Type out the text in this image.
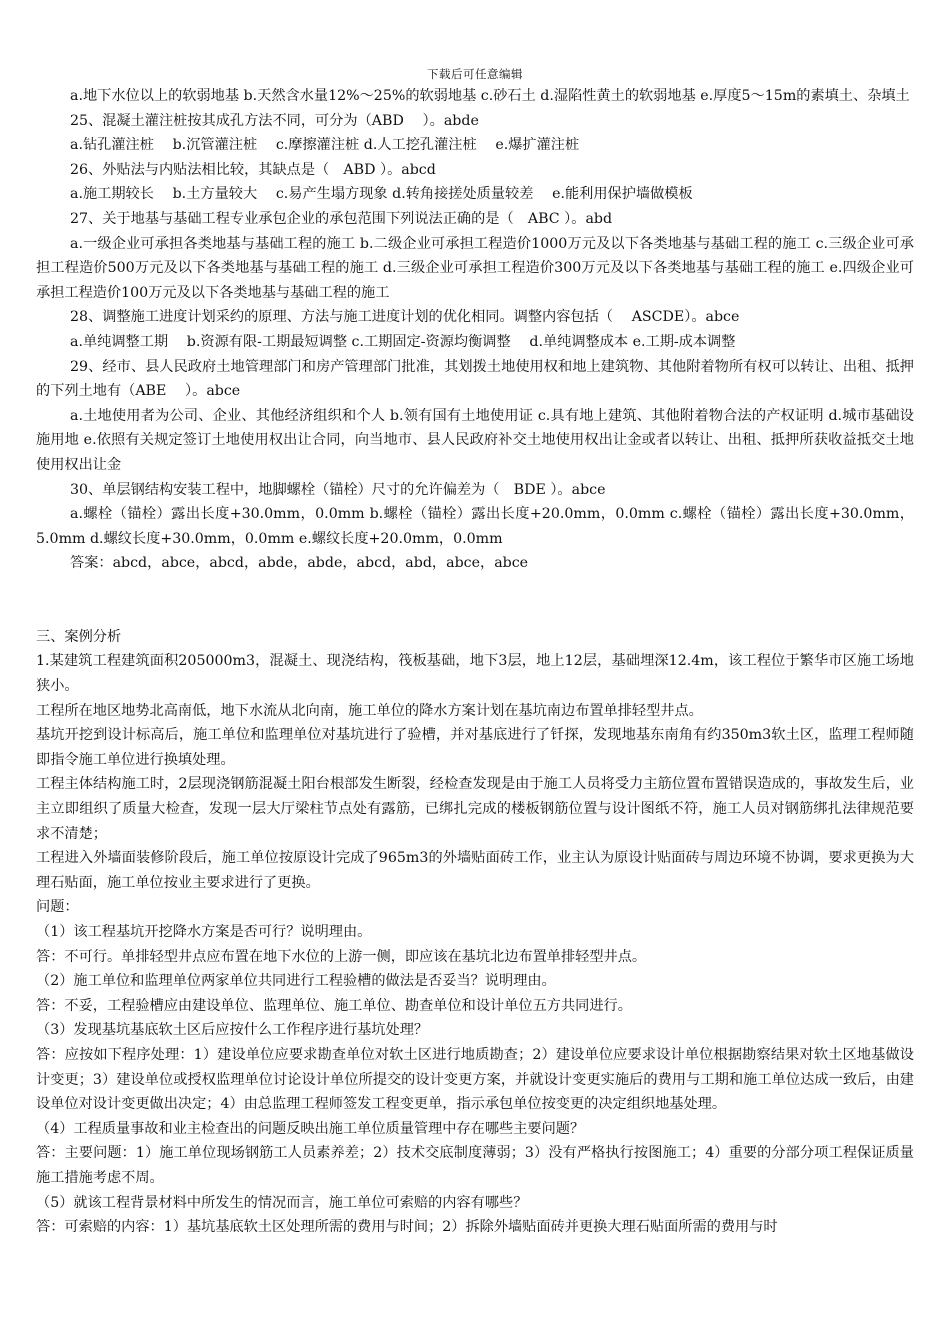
下载后可任意编辑

a.地下水位以上的软弱地基 b.天然含水量12%～25%的软弱地基 c.砂石土 d.湿陷性黄土的软弱地基 e.厚度5～15m的素填土、杂填土

25、混凝土灌注桩按其成孔方法不同，可分为（ABD　 ）。abde

a.钻孔灌注桩　 b.沉管灌注桩　 c.摩擦灌注桩 d.人工挖孔灌注桩　 e.爆扩灌注桩

26、外贴法与内贴法相比较，其缺点是（　ABD ）。abcd

a.施工期较长　 b.土方量较大　 c.易产生塌方现象 d.转角接搓处质量较差　 e.能利用保护墙做模板

27、关于地基与基础工程专业承包企业的承包范围下列说法正确的是（　ABC ）。abd

a.一级企业可承担各类地基与基础工程的施工 b.二级企业可承担工程造价1000万元及以下各类地基与基础工程的施工 c.三级企业可承担工程造价500万元及以下各类地基与基础工程的施工 d.三级企业可承担工程造价300万元及以下各类地基与基础工程的施工 e.四级企业可承担工程造价100万元及以下各类地基与基础工程的施工

28、调整施工进度计划采约的原理、方法与施工进度计划的优化相同。调整内容包括（　 ASCDE）。abce

a.单纯调整工期　 b.资源有限-工期最短调整 c.工期固定-资源均衡调整　 d.单纯调整成本 e.工期-成本调整

29、经市、县人民政府土地管理部门和房产管理部门批准，其划拨土地使用权和地上建筑物、其他附着物所有权可以转让、出租、抵押的下列土地有（ABE　 ）。abce

a.土地使用者为公司、企业、其他经济组织和个人 b.领有国有土地使用证 c.具有地上建筑、其他附着物合法的产权证明 d.城市基础设施用地 e.依照有关规定签订土地使用权出让合同，向当地市、县人民政府补交土地使用权出让金或者以转让、出租、抵押所获收益抵交土地使用权出让金

30、单层钢结构安装工程中，地脚螺栓（锚栓）尺寸的允许偏差为（　BDE ）。abce

a.螺栓（锚栓）露出长度+30.0mm，0.0mm b.螺栓（锚栓）露出长度+20.0mm，0.0mm c.螺栓（锚栓）露出长度+30.0mm，5.0mm d.螺纹长度+30.0mm，0.0mm e.螺纹长度+20.0mm，0.0mm

答案：abcd，abce，abcd，abde，abde，abcd，abd，abce，abce

三、案例分析

1.某建筑工程建筑面积205000m3，混凝土、现浇结构，筏板基础，地下3层，地上12层，基础埋深12.4m，该工程位于繁华市区施工场地狭小。

工程所在地区地势北高南低，地下水流从北向南，施工单位的降水方案计划在基坑南边布置单排轻型井点。

基坑开挖到设计标高后，施工单位和监理单位对基坑进行了验槽，并对基底进行了钎探，发现地基东南角有约350m3软土区，监理工程师随即指令施工单位进行换填处理。

工程主体结构施工时，2层现浇钢筋混凝土阳台根部发生断裂，经检查发现是由于施工人员将受力主筋位置布置错误造成的，事故发生后，业主立即组织了质量大检查，发现一层大厅梁柱节点处有露筋，已绑扎完成的楼板钢筋位置与设计图纸不符，施工人员对钢筋绑扎法律规范要求不清楚；

工程进入外墙面装修阶段后，施工单位按原设计完成了965m3的外墙贴面砖工作，业主认为原设计贴面砖与周边环境不协调，要求更换为大理石贴面，施工单位按业主要求进行了更换。

问题：

（1）该工程基坑开挖降水方案是否可行？说明理由。

答：不可行。单排轻型井点应布置在地下水位的上游一侧，即应该在基坑北边布置单排轻型井点。

（2）施工单位和监理单位两家单位共同进行工程验槽的做法是否妥当？说明理由。

答：不妥，工程验槽应由建设单位、监理单位、施工单位、勘查单位和设计单位五方共同进行。

（3）发现基坑基底软土区后应按什么工作程序进行基坑处理？

答：应按如下程序处理：1）建设单位应要求勘查单位对软土区进行地质勘查；2）建设单位应要求设计单位根据勘察结果对软土区地基做设计变更；3）建设单位或授权监理单位讨论设计单位所提交的设计变更方案，并就设计变更实施后的费用与工期和施工单位达成一致后，由建设单位对设计变更做出决定；4）由总监理工程师签发工程变更单，指示承包单位按变更的决定组织地基处理。

（4）工程质量事故和业主检查出的问题反映出施工单位质量管理中存在哪些主要问题？

答：主要问题：1）施工单位现场钢筋工人员素养差；2）技术交底制度薄弱；3）没有严格执行按图施工；4）重要的分部分项工程保证质量施工措施考虑不周。

（5）就该工程背景材料中所发生的情况而言，施工单位可索赔的内容有哪些？

答：可索赔的内容：1）基坑基底软土区处理所需的费用与时间；2）拆除外墙贴面砖并更换大理石贴面所需的费用与时
